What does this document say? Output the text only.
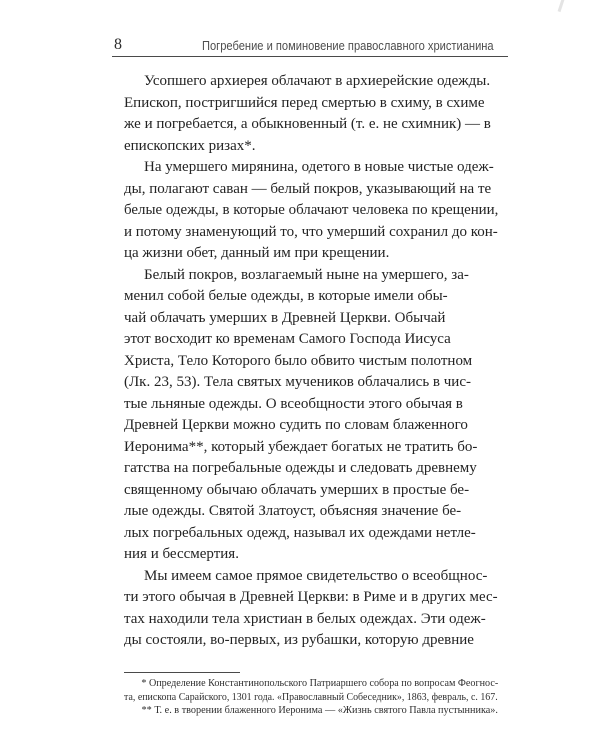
8	Погребение и поминовение православного христианина
Усопшего архиерея облачают в архиерейские одежды.
Епископ, постригшийся перед смертью в схиму, в схиме
же и погребается, а обыкновенный (т. е. не схимник) — в
епископских ризах*.
На умершего мирянина, одетого в новые чистые одеж-
ды, полагают саван — белый покров, указывающий на те
белые одежды, в которые облачают человека по крещении,
и потому знаменующий то, что умерший сохранил до кон-
ца жизни обет, данный им при крещении.
Белый покров, возлагаемый ныне на умершего, за-
менил собой белые одежды, в которые имели обы-
чай облачать умерших в Древней Церкви. Обычай
этот восходит ко временам Самого Господа Иисуса
Христа, Тело Которого было обвито чистым полотном
(Лк. 23, 53). Тела святых мучеников облачались в чис-
тые льняные одежды. О всеобщности этого обычая в
Древней Церкви можно судить по словам блаженного
Иеронима**, который убеждает богатых не тратить бо-
гатства на погребальные одежды и следовать древнему
священному обычаю облачать умерших в простые бе-
лые одежды. Святой Златоуст, объясняя значение бе-
лых погребальных одежд, называл их одеждами нетле-
ния и бессмертия.
Мы имеем самое прямое свидетельство о всеобщнос-
ти этого обычая в Древней Церкви: в Риме и в других мес-
тах находили тела христиан в белых одеждах. Эти одеж-
ды состояли, во-первых, из рубашки, которую древние
* Определение Константинопольского Патриаршего собора по вопросам Феогнос-
та, епископа Сарайского, 1301 года. «Православный Собеседник», 1863, февраль, с. 167.
** Т. е. в творении блаженного Иеронима — «Жизнь святого Павла пустынника».
